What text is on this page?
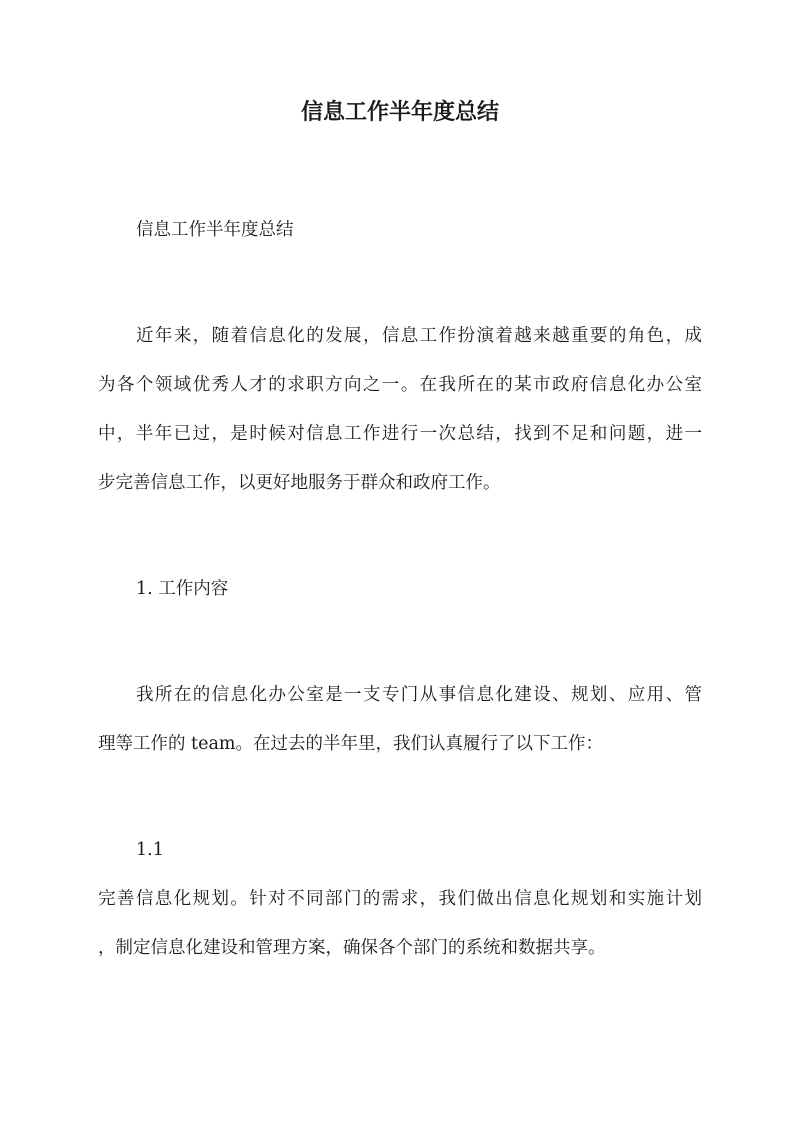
信息工作半年度总结

信息工作半年度总结

近年来，随着信息化的发展，信息工作扮演着越来越重要的角色，成

为各个领域优秀人才的求职方向之一。在我所在的某市政府信息化办公室

中，半年已过，是时候对信息工作进行一次总结，找到不足和问题，进一

步完善信息工作，以更好地服务于群众和政府工作。

1. 工作内容

我所在的信息化办公室是一支专门从事信息化建设、规划、应用、管

理等工作的 team。在过去的半年里，我们认真履行了以下工作：

1.1

完善信息化规划。针对不同部门的需求，我们做出信息化规划和实施计划

，制定信息化建设和管理方案，确保各个部门的系统和数据共享。
